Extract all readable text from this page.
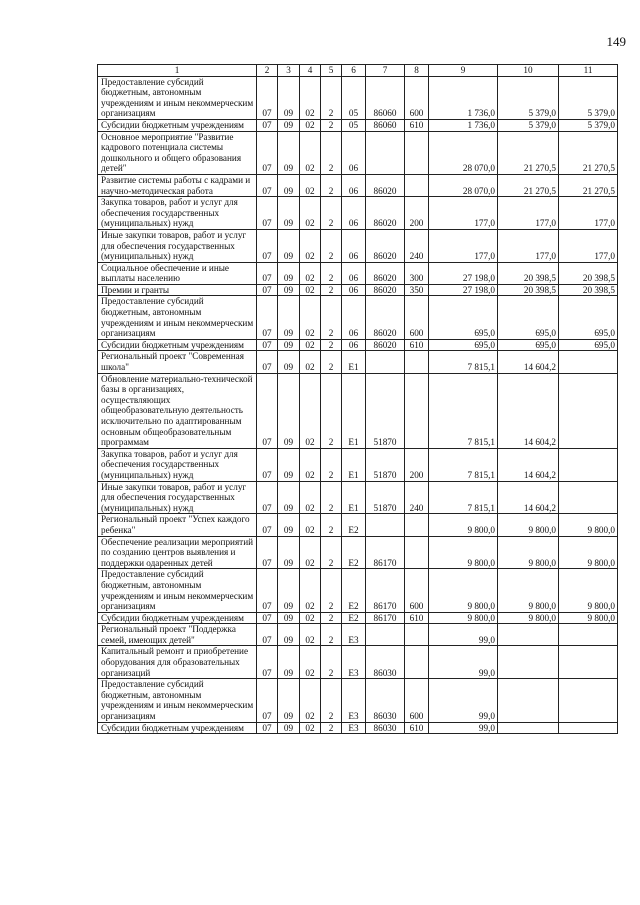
149
1	2	3	4	5	6	7	8	9	10	11
Предоставление субсидий бюджетным, автономным учреждениям и иным некоммерческим организациям	07	09	02	2	05	86060	600	1 736,0	5 379,0	5 379,0
Субсидии бюджетным учреждениям	07	09	02	2	05	86060	610	1 736,0	5 379,0	5 379,0
Основное мероприятие "Развитие кадрового потенциала системы дошкольного и общего образования детей"	07	09	02	2	06			28 070,0	21 270,5	21 270,5
Развитие системы работы с кадрами и научно-методическая работа	07	09	02	2	06	86020		28 070,0	21 270,5	21 270,5
Закупка товаров, работ и услуг для обеспечения государственных (муниципальных) нужд	07	09	02	2	06	86020	200	177,0	177,0	177,0
Иные закупки товаров, работ и услуг для обеспечения государственных (муниципальных) нужд	07	09	02	2	06	86020	240	177,0	177,0	177,0
Социальное обеспечение и иные выплаты населению	07	09	02	2	06	86020	300	27 198,0	20 398,5	20 398,5
Премии и гранты	07	09	02	2	06	86020	350	27 198,0	20 398,5	20 398,5
Предоставление субсидий бюджетным, автономным учреждениям и иным некоммерческим организациям	07	09	02	2	06	86020	600	695,0	695,0	695,0
Субсидии бюджетным учреждениям	07	09	02	2	06	86020	610	695,0	695,0	695,0
Региональный проект "Современная школа"	07	09	02	2	E1			7 815,1	14 604,2	
Обновление материально-технической базы в организациях, осуществляющих общеобразовательную деятельность исключительно по адаптированным основным общеобразовательным программам	07	09	02	2	E1	51870		7 815,1	14 604,2	
Закупка товаров, работ и услуг для обеспечения государственных (муниципальных) нужд	07	09	02	2	E1	51870	200	7 815,1	14 604,2	
Иные закупки товаров, работ и услуг для обеспечения государственных (муниципальных) нужд	07	09	02	2	E1	51870	240	7 815,1	14 604,2	
Региональный проект "Успех каждого ребенка"	07	09	02	2	E2			9 800,0	9 800,0	9 800,0
Обеспечение реализации мероприятий по созданию центров выявления и поддержки одаренных детей	07	09	02	2	E2	86170		9 800,0	9 800,0	9 800,0
Предоставление субсидий бюджетным, автономным учреждениям и иным некоммерческим организациям	07	09	02	2	E2	86170	600	9 800,0	9 800,0	9 800,0
Субсидии бюджетным учреждениям	07	09	02	2	E2	86170	610	9 800,0	9 800,0	9 800,0
Региональный проект "Поддержка семей, имеющих детей"	07	09	02	2	E3			99,0		
Капитальный ремонт и приобретение оборудования для образовательных организаций	07	09	02	2	E3	86030		99,0		
Предоставление субсидий бюджетным, автономным учреждениям и иным некоммерческим организациям	07	09	02	2	E3	86030	600	99,0		
Субсидии бюджетным учреждениям	07	09	02	2	E3	86030	610	99,0		
